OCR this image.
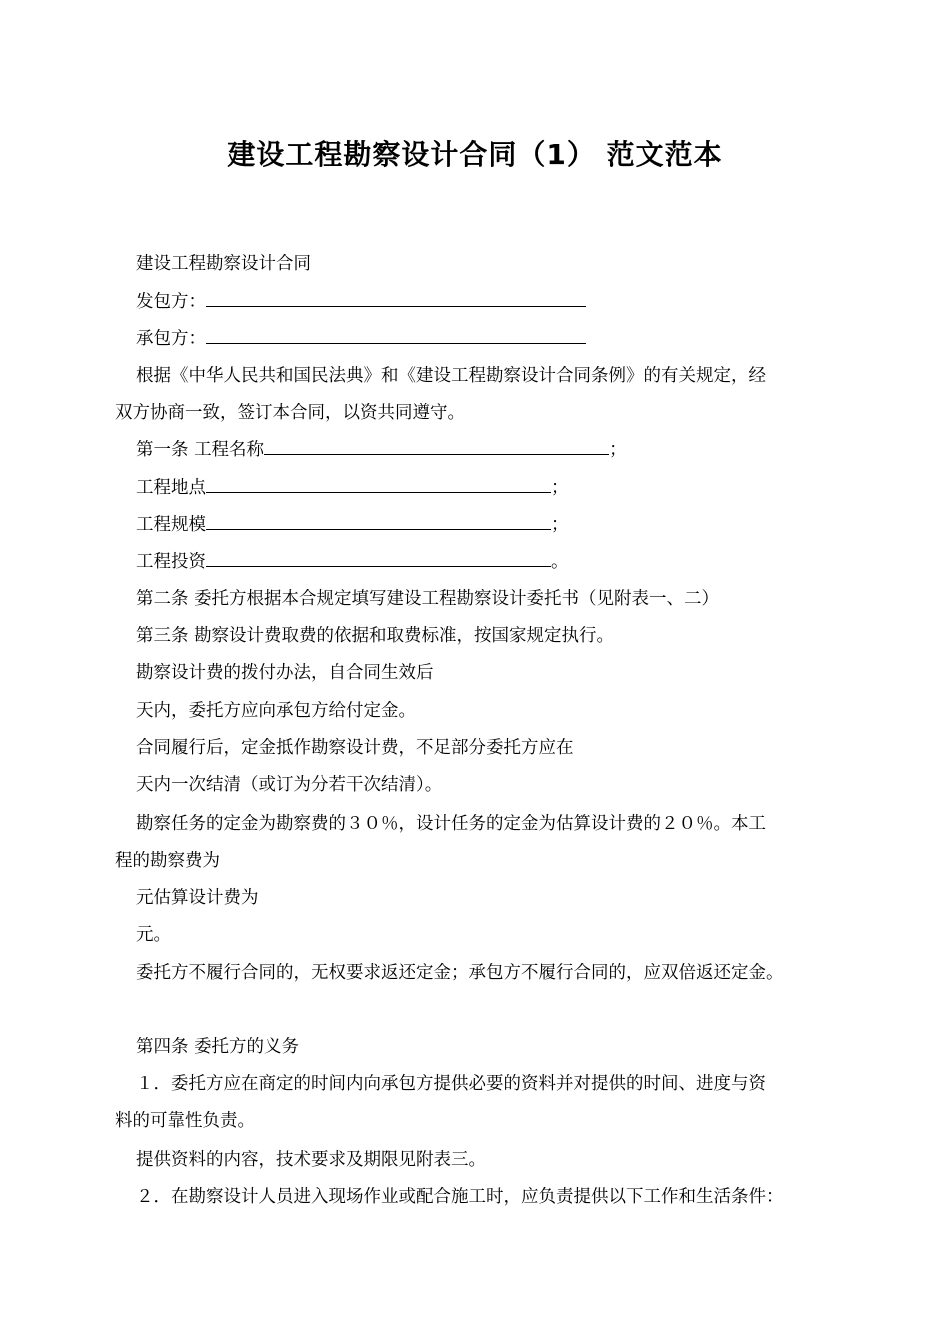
建设工程勘察设计合同（1） 范文范本
建设工程勘察设计合同
发包方：
承包方：
根据《中华人民共和国民法典》和《建设工程勘察设计合同条例》的有关规定，经
双方协商一致，签订本合同，以资共同遵守。
第一条 工程名称	；
工程地点	；
工程规模	；
工程投资	。
第二条 委托方根据本合规定填写建设工程勘察设计委托书（见附表一、二）
第三条 勘察设计费取费的依据和取费标准，按国家规定执行。
勘察设计费的拨付办法，自合同生效后
天内，委托方应向承包方给付定金。
合同履行后，定金抵作勘察设计费，不足部分委托方应在
天内一次结清（或订为分若干次结清）。
勘察任务的定金为勘察费的３０％，设计任务的定金为估算设计费的２０％。本工
程的勘察费为
元估算设计费为
元。
委托方不履行合同的，无权要求返还定金；承包方不履行合同的，应双倍返还定金。
第四条 委托方的义务
１．委托方应在商定的时间内向承包方提供必要的资料并对提供的时间、进度与资
料的可靠性负责。
提供资料的内容，技术要求及期限见附表三。
２．在勘察设计人员进入现场作业或配合施工时，应负责提供以下工作和生活条件：
